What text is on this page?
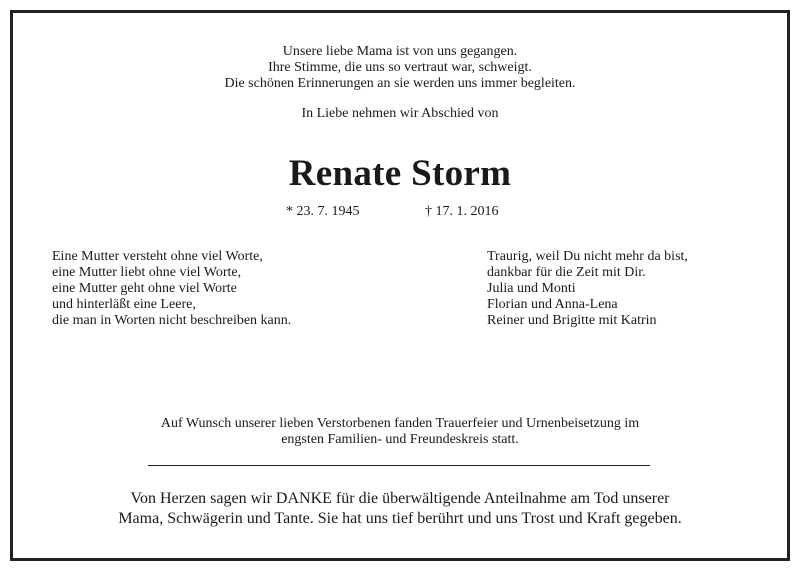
Unsere liebe Mama ist von uns gegangen.
Ihre Stimme, die uns so vertraut war, schweigt.
Die schönen Erinnerungen an sie werden uns immer begleiten.
In Liebe nehmen wir Abschied von
Renate Storm
* 23. 7. 1945	† 17. 1. 2016
Eine Mutter versteht ohne viel Worte,
eine Mutter liebt ohne viel Worte,
eine Mutter geht ohne viel Worte
und hinterläßt eine Leere,
die man in Worten nicht beschreiben kann.
Traurig, weil Du nicht mehr da bist,
dankbar für die Zeit mit Dir.
Julia und Monti
Florian und Anna-Lena
Reiner und Brigitte mit Katrin
Auf Wunsch unserer lieben Verstorbenen fanden Trauerfeier und Urnenbeisetzung im
engsten Familien- und Freundeskreis statt.
Von Herzen sagen wir DANKE für die überwältigende Anteilnahme am Tod unserer
Mama, Schwägerin und Tante. Sie hat uns tief berührt und uns Trost und Kraft gegeben.
